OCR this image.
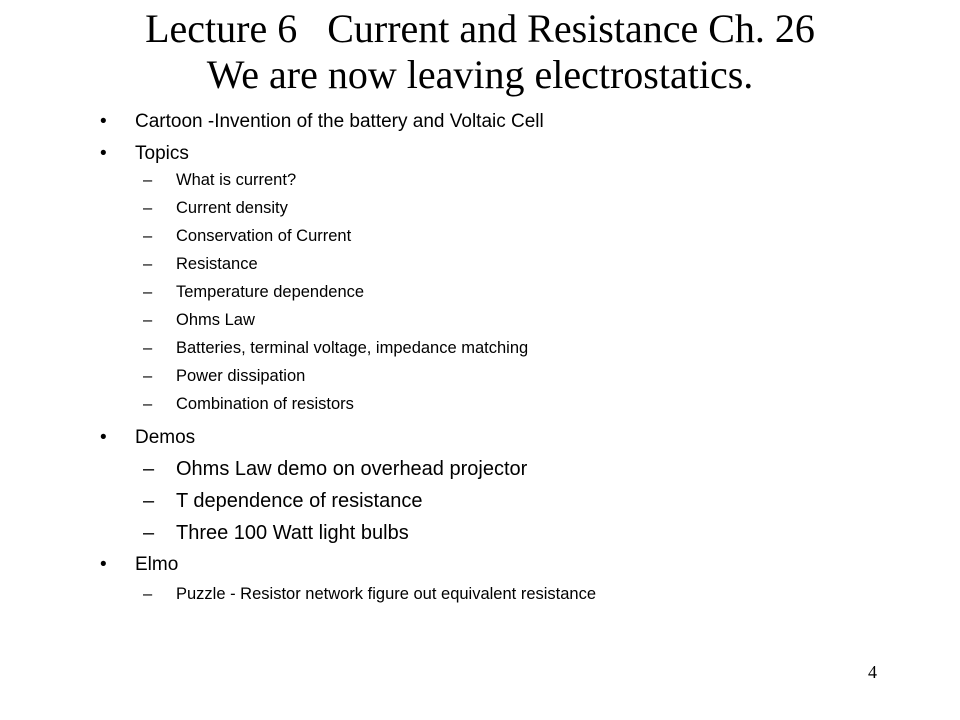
Lecture 6   Current and Resistance Ch. 26
We are now leaving electrostatics.
• Cartoon -Invention of the battery and Voltaic Cell
• Topics
– What is current?
– Current density
– Conservation of Current
– Resistance
– Temperature dependence
– Ohms Law
– Batteries, terminal voltage, impedance matching
– Power dissipation
– Combination of resistors
• Demos
– Ohms Law demo on overhead projector
– T dependence of resistance
– Three 100 Watt light bulbs
• Elmo
– Puzzle - Resistor network figure out equivalent resistance
4
